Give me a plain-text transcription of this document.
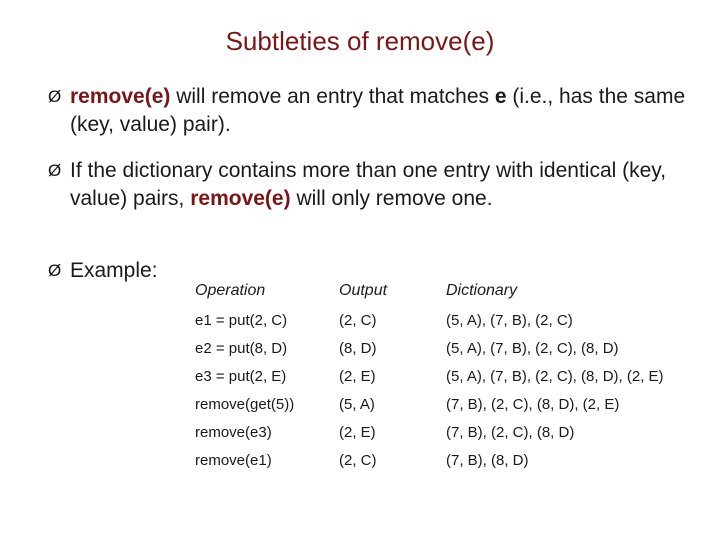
Subtleties of remove(e)
Ø remove(e) will remove an entry that matches e (i.e., has the same (key, value) pair).
Ø If the dictionary contains more than one entry with identical (key, value) pairs, remove(e) will only remove one.
Ø Example:
Operation	Output	Dictionary
e1 = put(2, C)	(2, C)	(5, A), (7, B), (2, C)
e2 = put(8, D)	(8, D)	(5, A), (7, B), (2, C), (8, D)
e3 = put(2, E)	(2, E)	(5, A), (7, B), (2, C), (8, D), (2, E)
remove(get(5))	(5, A)	(7, B), (2, C), (8, D), (2, E)
remove(e3)	(2, E)	(7, B), (2, C), (8, D)
remove(e1)	(2, C)	(7, B), (8, D)
